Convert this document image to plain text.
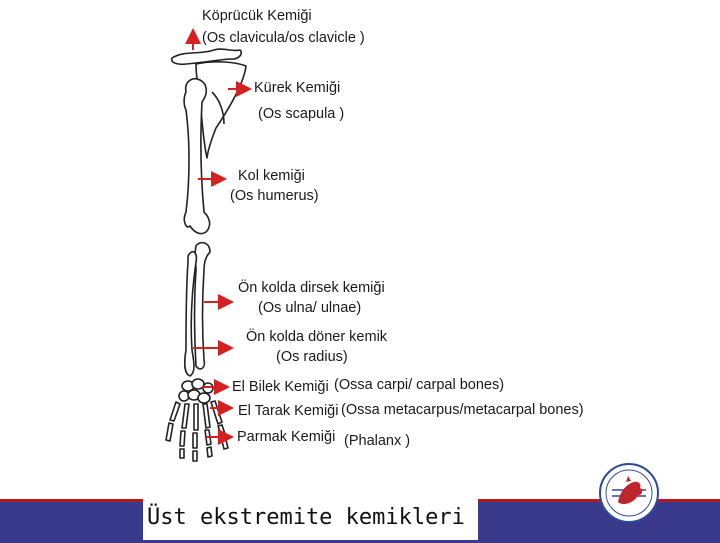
Köprücük Kemiği
(Os clavicula/os clavicle )
Kürek Kemiği
(Os scapula )
Kol kemiği
(Os humerus)
Ön kolda dirsek kemiği
(Os ulna/ ulnae)
Ön kolda döner kemik
(Os radius)
El Bilek Kemiği (Ossa carpi/ carpal bones)
El Tarak Kemiği (Ossa metacarpus/metacarpal bones)
Parmak Kemiği (Phalanx )
Üst ekstremite kemikleri
